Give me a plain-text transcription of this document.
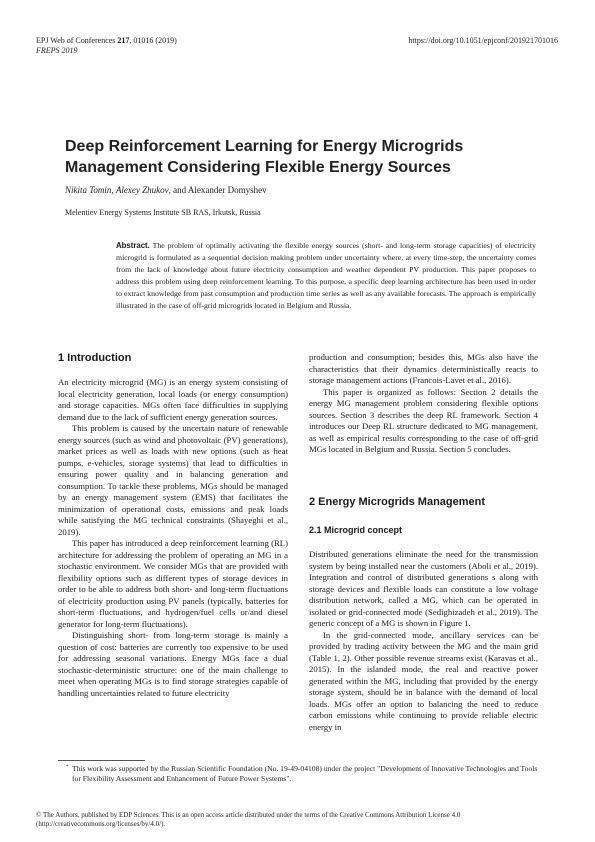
EPJ Web of Conferences 217, 01016 (2019)
FREPS 2019
https://doi.org/10.1051/epjconf/201921701016
Deep Reinforcement Learning for Energy Microgrids
Management Considering Flexible Energy Sources
Nikita Tomin, Alexey Zhukov, and Alexander Domyshev
Melentiev Energy Systems Institute SB RAS, Irkutsk, Russia
Abstract. The problem of optimally activating the flexible energy sources (short- and long-term storage capacities) of electricity microgrid is formulated as a sequential decision making problem under uncertainty where, at every time-step, the uncertainty comes from the lack of knowledge about future electricity consumption and weather dependent PV production. This paper proposes to address this problem using deep reinforcement learning. To this purpose, a specific deep learning architecture has been used in order to extract knowledge from past consumption and production time series as well as any available forecasts. The approach is empirically illustrated in the case of off-grid microgrids located in Belgium and Russia.
1 Introduction

An electricity microgrid (MG) is an energy system consisting of local electricity generation, local loads (or energy consumption) and storage capacities. MGs often face difficulties in supplying demand due to the lack of sufficient energy generation sources.

This problem is caused by the uncertain nature of renewable energy sources (such as wind and photovoltaic (PV) generations), market prices as well as loads with new options (such as heat pumps, e-vehicles, storage systems) that lead to difficulties in ensuring power quality and in balancing generation and consumption. To tackle these problems, MGs should be managed by an energy management system (EMS) that facilitates the minimization of operational costs, emissions and peak loads while satisfying the MG technical constraints (Shayeghi et al., 2019).

This paper has introduced a deep reinforcement learning (RL) architecture for addressing the problem of operating an MG in a stochastic environment. We consider MGs that are provided with flexibility options such as different types of storage devices in order to be able to address both short- and long-term fluctuations of electricity production using PV panels (typically, batteries for short-term fluctuations, and hydrogen/fuel cells or/and diesel generator for long-term fluctuations).

Distinguishing short- from long-term storage is mainly a question of cost: batteries are currently too expensive to be used for addressing seasonal variations. Energy MGs face a dual stochastic-deterministic structure: one of the main challenge to meet when operating MGs is to find storage strategies capable of handling uncertainties related to future electricity

production and consumption; besides this, MGs also have the characteristics that their dynamics deterministically reacts to storage management actions (Francois-Lavet et al., 2016).

This paper is organized as follows: Section 2 details the energy MG management problem considering flexible options sources. Section 3 describes the deep RL framework. Section 4 introduces our Deep RL structure dedicated to MG management, as well as empirical results corresponding to the case of off-grid MGs located in Belgium and Russia. Section 5 concludes.

2 Energy Microgrids Management
2.1 Microgrid concept

Distributed generations eliminate the need for the transmission system by being installed near the customers (Aboli et al., 2019). Integration and control of distributed generations s along with storage devices and flexible loads can constitute a low voltage distribution network, called a MG, which can be operated in isolated or grid-connected mode (Sedighizadeh et al., 2019). The generic concept of a MG is shown in Figure 1.

In the grid-connected mode, ancillary services can be provided by trading activity between the MG and the main grid (Table 1, 2). Other possible revenue streams exist (Karavas et al., 2015). In the islanded mode, the real and reactive power generated within the MG, including that provided by the energy storage system, should be in balance with the demand of local loads. MGs offer an option to balancing the need to reduce carbon emissions while continuing to provide reliable electric energy in

* This work was supported by the Russian Scientific Foundation (No. 19-49-04108) under the project "Development of Innovative Technologies and Tools for Flexibility Assessment and Enhancement of Future Power Systems".
© The Authors, published by EDP Sciences. This is an open access article distributed under the terms of the Creative Commons Attribution License 4.0 (http://creativecommons.org/licenses/by/4.0/).
